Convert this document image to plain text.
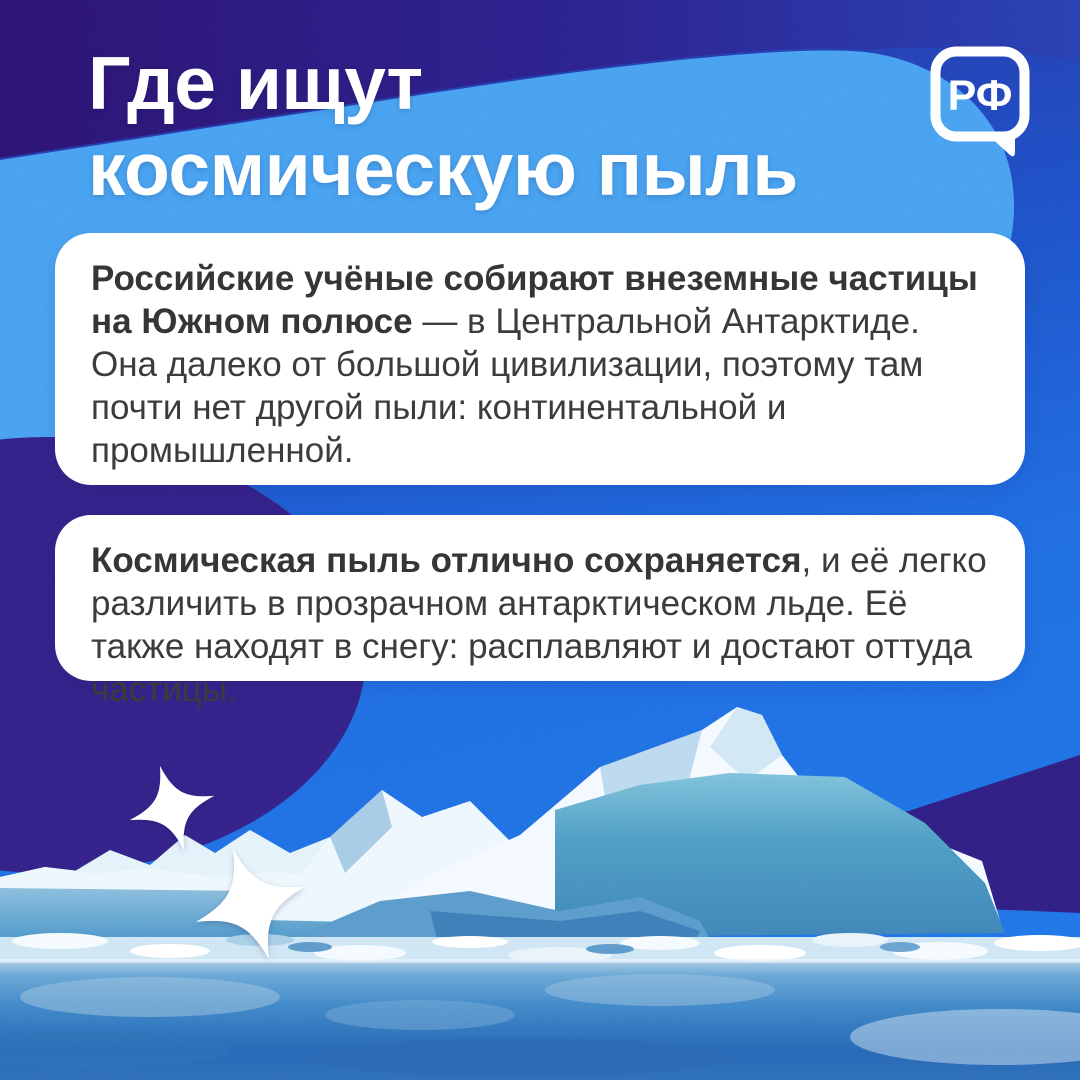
Где ищут
космическую пыль
РФ
Российские учёные собирают внеземные частицы на Южном полюсе — в Центральной Антарктиде. Она далеко от большой цивилизации, поэтому там почти нет другой пыли: континентальной и промышленной.
Космическая пыль отлично сохраняется, и её легко различить в прозрачном антарктическом льде. Её также находят в снегу: расплавляют и достают оттуда частицы.
